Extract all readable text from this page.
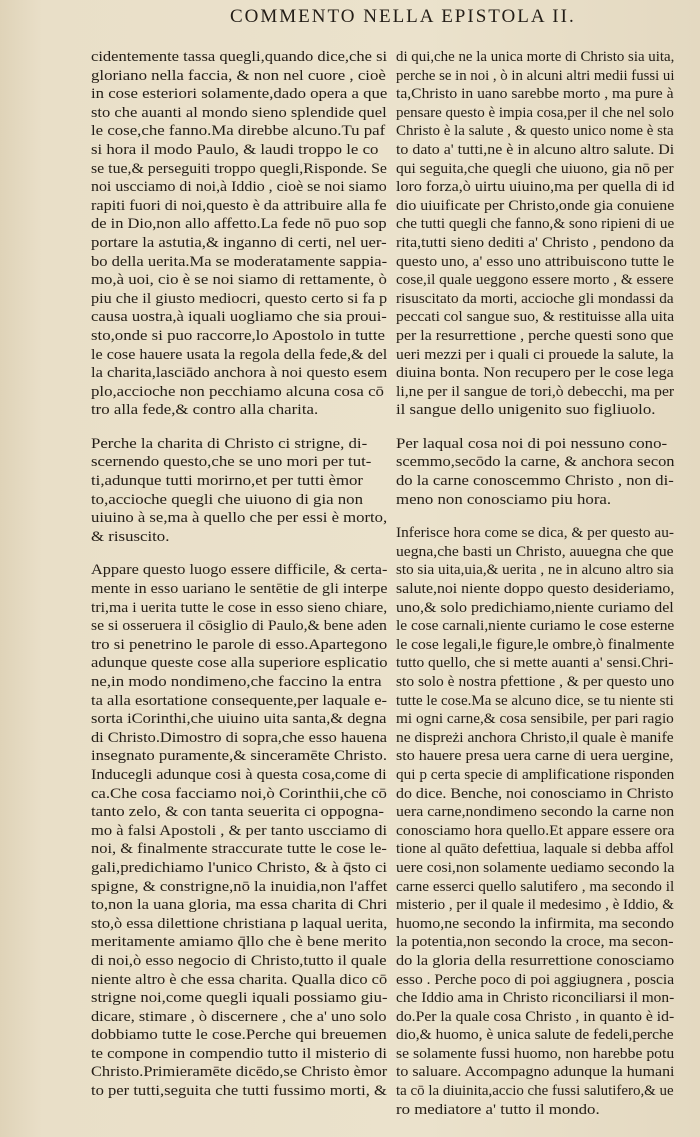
COMMENTO NELLA EPISTOLA II.
cidentemente tassa quegli,quando dice,che si
gloriano nella faccia, & non nel cuore , cioè
in cose esteriori solamente,dado opera a que
sto che auanti al mondo sieno splendide quel
le cose,che fanno.Ma direbbe alcuno.Tu paf
si hora il modo Paulo, & laudi troppo le co
se tue,& perseguiti troppo quegli,Risponde. Se
noi uscciamo di noi,à Iddio , cioè se noi siamo
rapiti fuori di noi,questo è da attribuire alla fe
de in Dio,non allo affetto.La fede nō puo sop
portare la astutia,& inganno di certi, nel uer-
bo della uerita.Ma se moderatamente sappia-
mo,à uoi, cio è se noi siamo di rettamente, ò
piu che il giusto mediocri, questo certo si fa p
causa uostra,à iquali uogliamo che sia proui-
sto,onde si puo raccorre,lo Apostolo in tutte
le cose hauere usata la regola della fede,& del
la charita,lasciādo anchora à noi questo esem
plo,accioche non pecchiamo alcuna cosa cō
tro alla fede,& contro alla charita.
Perche la charita di Christo ci strigne, di-
scernendo questo,che se uno mori per tut-
ti,adunque tutti morirno,et per tutti èmor
to,accioche quegli che uiuono di gia non
uiuino à se,ma à quello che per essi è morto,
& risuscito.
Appare questo luogo essere difficile, & certa-
mente in esso uariano le sentētie de gli interpe
tri,ma i uerita tutte le cose in esso sieno chiare,
se si osseruera il cōsiglio di Paulo,& bene aden
tro si penetrino le parole di esso.Apartegono
adunque queste cose alla superiore esplicatio
ne,in modo nondimeno,che faccino la entra
ta alla esortatione consequente,per laquale e-
sorta iCorinthi,che uiuino uita santa,& degna
di Christo.Dimostro di sopra,che esso hauena
insegnato puramente,& sinceramēte Christo.
Inducegli adunque cosi à questa cosa,come di
ca.Che cosa facciamo noi,ò Corinthii,che cō
tanto zelo, & con tanta seuerita ci oppogna-
mo à falsi Apostoli , & per tanto uscciamo di
noi, & finalmente straccurate tutte le cose le-
gali,predichiamo l'unico Christo, & à q̄sto ci
spigne, & constrigne,nō la inuidia,non l'affet
to,non la uana gloria, ma essa charita di Chri
sto,ò essa dilettione christiana p laqual uerita,
meritamente amiamo q̄llo che è bene merito
di noi,ò esso negocio di Christo,tutto il quale
niente altro è che essa charita. Qualla dico cō
strigne noi,come quegli iquali possiamo giu-
dicare, stimare , ò discernere , che a' uno solo
dobbiamo tutte le cose.Perche qui breuemen
te compone in compendio tutto il misterio di
Christo.Primieramēte dicēdo,se Christo èmor
to per tutti,seguita che tutti fussimo morti, &
di qui,che ne la unica morte di Christo sia uita,
perche se in noi , ò in alcuni altri medii fussi ui
ta,Christo in uano sarebbe morto , ma pure à
pensare questo è impia cosa,per il che nel solo
Christo è la salute , & questo unico nome è sta
to dato a' tutti,ne è in alcuno altro salute. Di
qui seguita,che quegli che uiuono, gia nō per
loro forza,ò uirtu uiuino,ma per quella di id
dio uiuificate per Christo,onde gia conuiene
che tutti quegli che fanno,& sono ripieni di ue
rita,tutti sieno dediti a' Christo , pendono da
questo uno, a' esso uno attribuiscono tutte le
cose,il quale ueggono essere morto , & essere
risuscitato da morti, accioche gli mondassi da
peccati col sangue suo, & restituisse alla uita
per la resurrettione , perche questi sono que
ueri mezzi per i quali ci prouede la salute, la
diuina bonta. Non recupero per le cose lega
li,ne per il sangue de tori,ò debecchi, ma per
il sangue dello unigenito suo figliuolo.
Per laqual cosa noi di poi nessuno cono-
scemmo,secōdo la carne, & anchora secon
do la carne conoscemmo Christo , non di-
meno non conosciamo piu hora.
Inferisce hora come se dica, & per questo au-
uegna,che basti un Christo, auuegna che que
sto sia uita,uia,& uerita , ne in alcuno altro sia
salute,noi niente doppo questo desideriamo,
uno,& solo predichiamo,niente curiamo del
le cose carnali,niente curiamo le cose esterne
le cose legali,le figure,le ombre,ò finalmente
tutto quello, che si mette auanti a' sensi.Chri-
sto solo è nostra pfettione , & per questo uno
tutte le cose.Ma se alcuno dice, se tu niente sti
mi ogni carne,& cosa sensibile, per pari ragio
ne dispreżi anchora Christo,il quale è manife
sto hauere presa uera carne di uera uergine,
qui p certa specie di amplificatione risponden
do dice. Benche, noi conosciamo in Christo
uera carne,nondimeno secondo la carne non
conosciamo hora quello.Et appare essere ora
tione al quāto defettiua, laquale si debba affol
uere cosi,non solamente uediamo secondo la
carne esserci quello salutifero , ma secondo il
misterio , per il quale il medesimo , è Iddio, &
huomo,ne secondo la infirmita, ma secondo
la potentia,non secondo la croce, ma secon-
do la gloria della resurrettione conosciamo
esso . Perche poco di poi aggiugnera , posciа
che Iddio ama in Christo riconciliarsi il mon-
do.Per la quale cosa Christo , in quanto è id-
dio,& huomo, è unica salute de fedeli,perche
se solamente fussi huomo, non harebbe potu
to saluare. Accompagno adunque la humani
ta cō la diuinita,accio che fussi salutifero,& ue
ro mediatore a' tutto il mondo.
